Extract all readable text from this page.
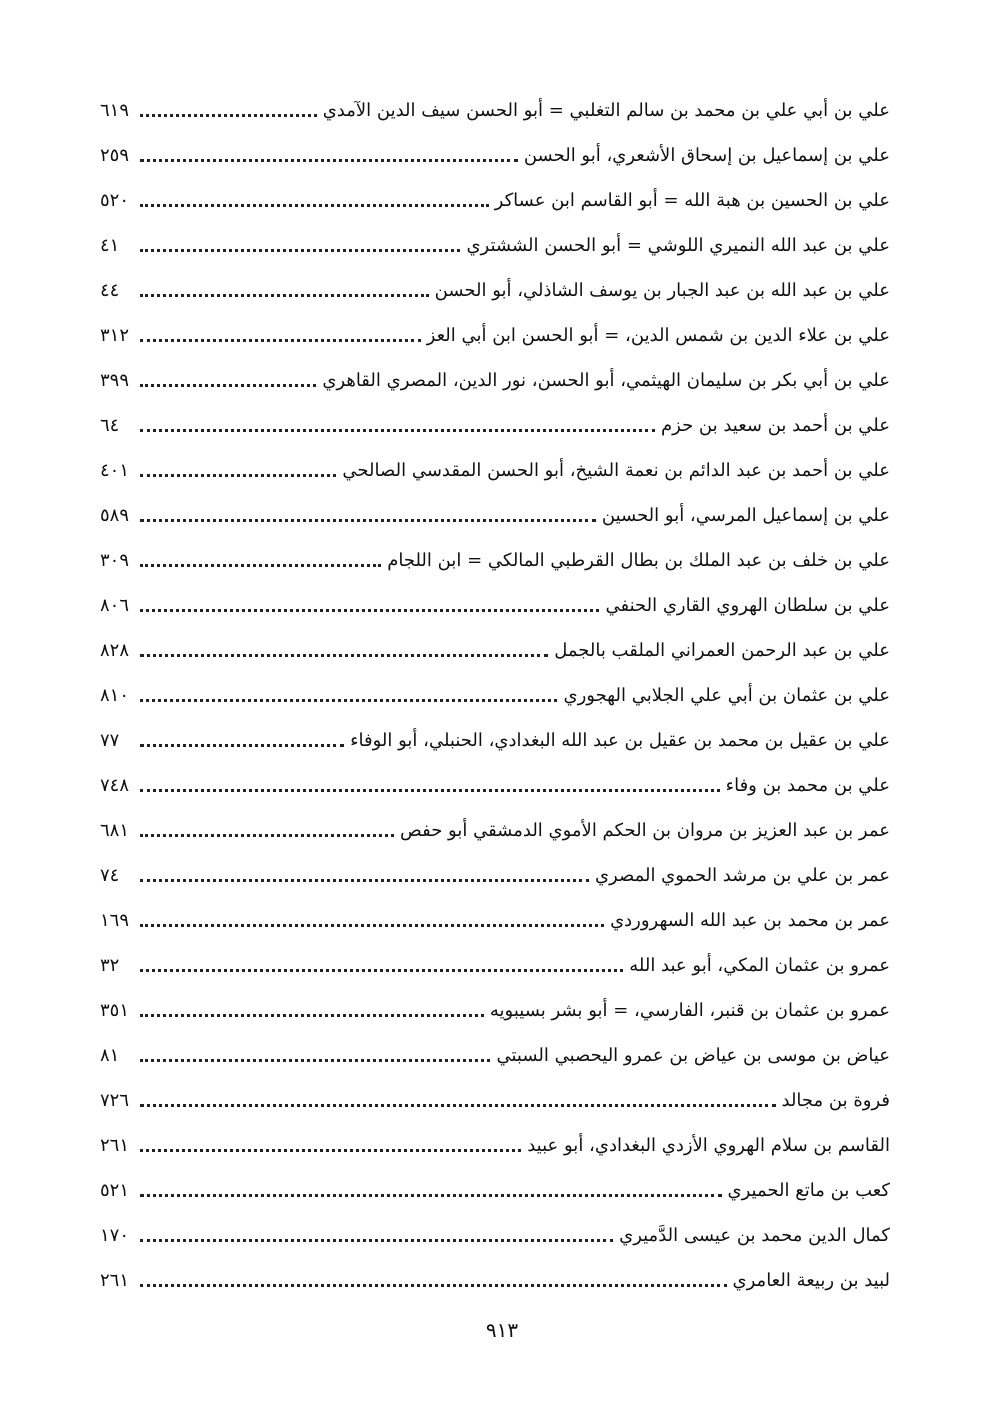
علي بن أبي علي بن محمد بن سالم التغلبي = أبو الحسن سيف الدين الآمدي
٦١٩
علي بن إسماعيل بن إسحاق الأشعري، أبو الحسن
٢٥٩
علي بن الحسين بن هبة الله = أبو القاسم ابن عساكر
٥٢٠
علي بن عبد الله النميري اللوشي = أبو الحسن الششتري
٤١
علي بن عبد الله بن عبد الجبار بن يوسف الشاذلي، أبو الحسن
٤٤
علي بن علاء الدين بن شمس الدين، = أبو الحسن ابن أبي العز
٣١٢
علي بن أبي بكر بن سليمان الهيثمي، أبو الحسن، نور الدين، المصري القاهري
٣٩٩
علي بن أحمد بن سعيد بن حزم
٦٤
علي بن أحمد بن عبد الدائم بن نعمة الشيخ، أبو الحسن المقدسي الصالحي
٤٠١
علي بن إسماعيل المرسي، أبو الحسين
٥٨٩
علي بن خلف بن عبد الملك بن بطال القرطبي المالكي = ابن اللجام
٣٠٩
علي بن سلطان الهروي القاري الحنفي
٨٠٦
علي بن عبد الرحمن العمراني الملقب بالجمل
٨٢٨
علي بن عثمان بن أبي علي الجلابي الهجوري
٨١٠
علي بن عقيل بن محمد بن عقيل بن عبد الله البغدادي، الحنبلي، أبو الوفاء
٧٧
علي بن محمد بن وفاء
٧٤٨
عمر بن عبد العزيز بن مروان بن الحكم الأموي الدمشقي أبو حفص
٦٨١
عمر بن علي بن مرشد الحموي المصري
٧٤
عمر بن محمد بن عبد الله السهروردي
١٦٩
عمرو بن عثمان المكي، أبو عبد الله
٣٢
عمرو بن عثمان بن قنبر، الفارسي، = أبو بشر بسيبويه
٣٥١
عياض بن موسى بن عياض بن عمرو اليحصبي السبتي
٨١
فروة بن مجالد
٧٢٦
القاسم بن سلام الهروي الأزدي البغدادي، أبو عبيد
٢٦١
كعب بن ماتع الحميري
٥٢١
كمال الدين محمد بن عيسى الدَّميري
١٧٠
لبيد بن ربيعة العامري
٢٦١
٩١٣
